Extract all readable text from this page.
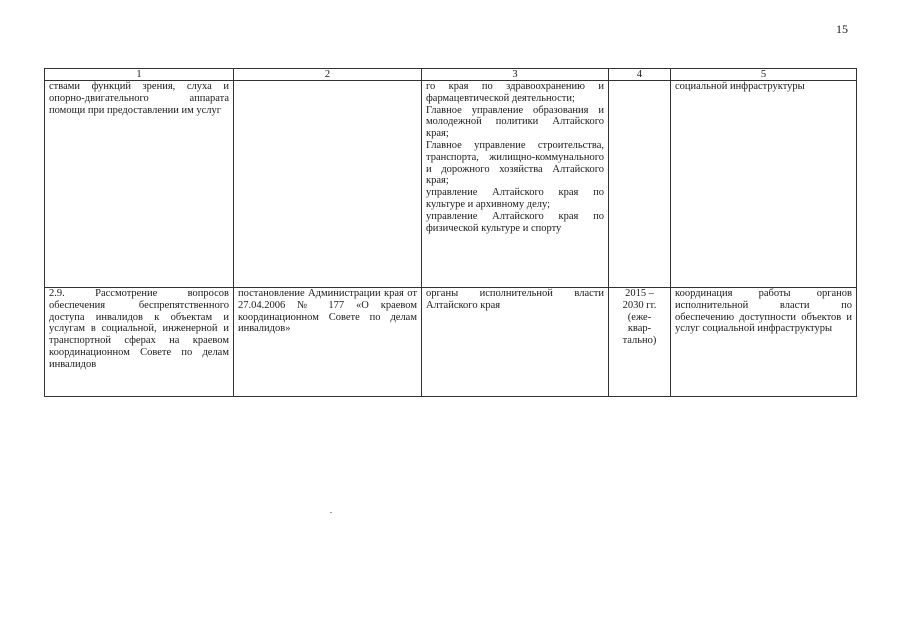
15
1	2	3	4	5
ствами функций зрения, слуха и опорно-двигательного аппарата помощи при предоставлении им услуг		го края по здравоохранению и фармацевтической деятельности;
Главное управление образования и молодежной политики Алтайского края;
Главное управление строительства, транспорта, жилищно-коммунального и дорожного хозяйства Алтайского края;
управление Алтайского края по культуре и архивному делу;
управление Алтайского края по физической культуре и спорту		социальной инфраструктуры
2.9. Рассмотрение вопросов обеспечения беспрепятственного доступа инвалидов к объектам и услугам в социальной, инженерной и транспортной сферах на краевом координационном Совете по делам инвалидов	постановление Администрации края от 27.04.2006 № 177 «О краевом координационном Совете по делам инвалидов»	органы исполнительной власти Алтайского края	2015 –
2030 гг.
(еже-
квар-
тально)	координация работы органов исполнительной власти по обеспечению доступности объектов и услуг социальной инфраструктуры
